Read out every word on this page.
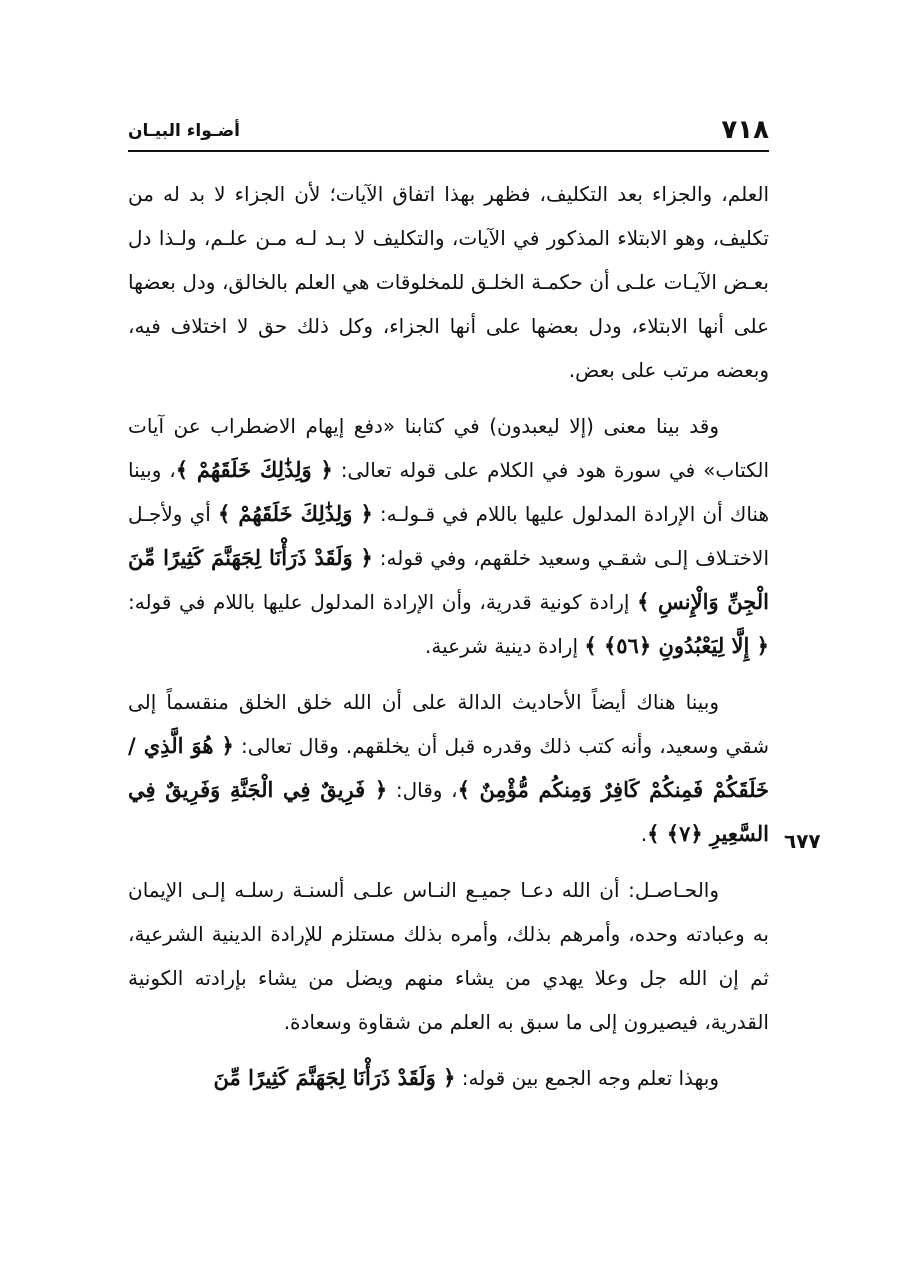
٧١٨
أضـواء البيـان
٦٧٧

العلم، والجزاء بعد التكليف، فظهر بهذا اتفاق الآيات؛ لأن الجزاء لا بد له من تكليف، وهو الابتلاء المذكور في الآيات، والتكليف لا بـد لـه مـن علـم، ولـذا دل بعـض الآيـات علـى أن حكمـة الخلـق للمخلوقات هي العلم بالخالق، ودل بعضها على أنها الابتلاء، ودل بعضها على أنها الجزاء، وكل ذلك حق لا اختلاف فيه، وبعضه مرتب على بعض.

وقد بينا معنى (إلا ليعبدون) في كتابنا «دفع إيهام الاضطراب عن آيات الكتاب» في سورة هود في الكلام على قوله تعالى: ﴿ وَلِذَٰلِكَ خَلَقَهُمْ ﴾، وبينا هناك أن الإرادة المدلول عليها باللام في قـولـه: ﴿ وَلِذَٰلِكَ خَلَقَهُمْ ﴾ أي ولأجـل الاختـلاف إلـى شقـي وسعيد خلقهم، وفي قوله: ﴿ وَلَقَدْ ذَرَأْنَا لِجَهَنَّمَ كَثِيرًا مِّنَ الْجِنِّ وَالْإِنسِ ﴾ إرادة كونية قدرية، وأن الإرادة المدلول عليها باللام في قوله: ﴿ إِلَّا لِيَعْبُدُونِ ﴿٥٦﴾ ﴾ إرادة دينية شرعية.

وبينا هناك أيضاً الأحاديث الدالة على أن الله خلق الخلق منقسماً إلى شقي وسعيد، وأنه كتب ذلك وقدره قبل أن يخلقهم. وقال تعالى: ﴿ هُوَ الَّذِي / خَلَقَكُمْ فَمِنكُمْ كَافِرٌ وَمِنكُم مُّؤْمِنٌ ﴾، وقال: ﴿ فَرِيقٌ فِي الْجَنَّةِ وَفَرِيقٌ فِي السَّعِيرِ ﴿٧﴾ ﴾.

والحـاصـل: أن الله دعـا جميـع النـاس علـى ألسنـة رسلـه إلـى الإيمان به وعبادته وحده، وأمرهم بذلك، وأمره بذلك مستلزم للإرادة الدينية الشرعية، ثم إن الله جل وعلا يهدي من يشاء منهم ويضل من يشاء بإرادته الكونية القدرية، فيصيرون إلى ما سبق به العلم من شقاوة وسعادة.

وبهذا تعلم وجه الجمع بين قوله: ﴿ وَلَقَدْ ذَرَأْنَا لِجَهَنَّمَ كَثِيرًا مِّنَ
